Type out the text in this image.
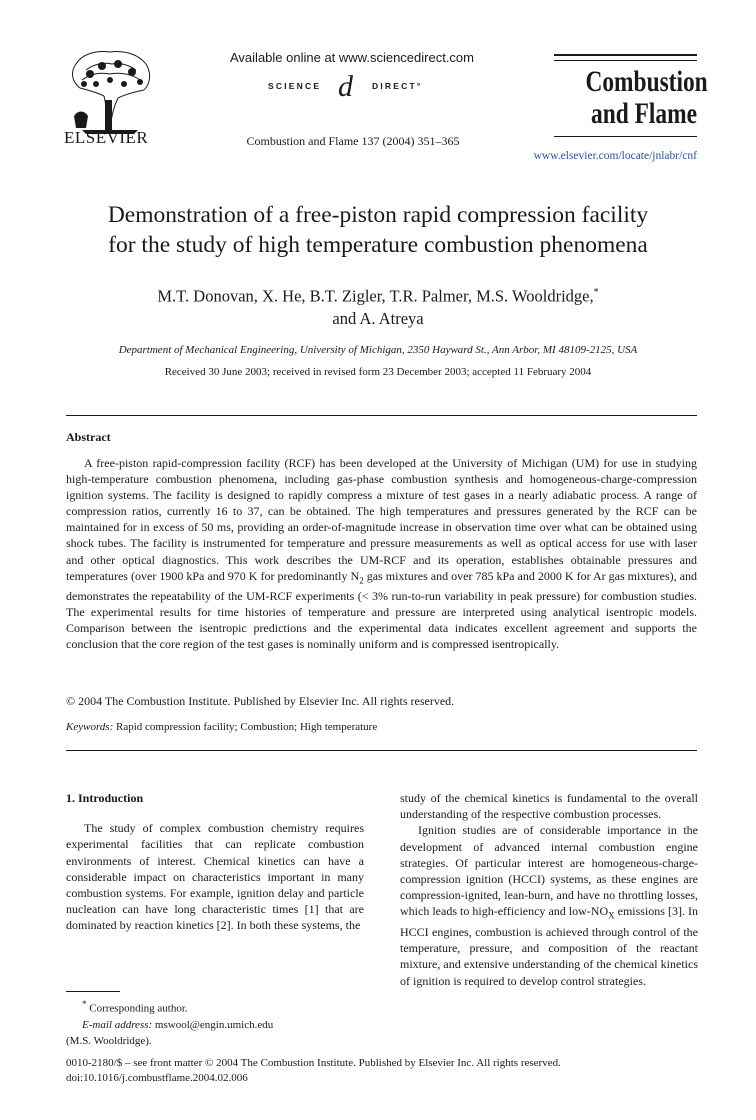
ELSEVIER
Available online at www.sciencedirect.com
SCIENCE d DIRECT°
Combustion and Flame 137 (2004) 351–365
Combustion
and Flame
www.elsevier.com/locate/jnlabr/cnf
Demonstration of a free-piston rapid compression facility
for the study of high temperature combustion phenomena
M.T. Donovan, X. He, B.T. Zigler, T.R. Palmer, M.S. Wooldridge,*
and A. Atreya
Department of Mechanical Engineering, University of Michigan, 2350 Hayward St., Ann Arbor, MI 48109-2125, USA
Received 30 June 2003; received in revised form 23 December 2003; accepted 11 February 2004
Abstract
A free-piston rapid-compression facility (RCF) has been developed at the University of Michigan (UM) for use in studying high-temperature combustion phenomena, including gas-phase combustion synthesis and homogeneous-charge-compression ignition systems. The facility is designed to rapidly compress a mixture of test gases in a nearly adiabatic process. A range of compression ratios, currently 16 to 37, can be obtained. The high temperatures and pressures generated by the RCF can be maintained for in excess of 50 ms, providing an order-of-magnitude increase in observation time over what can be obtained using shock tubes. The facility is instrumented for temperature and pressure measurements as well as optical access for use with laser and other optical diagnostics. This work describes the UM-RCF and its operation, establishes obtainable pressures and temperatures (over 1900 kPa and 970 K for predominantly $N_2$ gas mixtures and over 785 kPa and 2000 K for Ar gas mixtures), and demonstrates the repeatability of the UM-RCF experiments (< 3% run-to-run variability in peak pressure) for combustion studies. The experimental results for time histories of temperature and pressure are interpreted using analytical isentropic models. Comparison between the isentropic predictions and the experimental data indicates excellent agreement and supports the conclusion that the core region of the test gases is nominally uniform and is compressed isentropically.
© 2004 The Combustion Institute. Published by Elsevier Inc. All rights reserved.
Keywords: Rapid compression facility; Combustion; High temperature
1. Introduction

The study of complex combustion chemistry requires experimental facilities that can replicate combustion environments of interest. Chemical kinetics can have a considerable impact on characteristics important in many combustion systems. For example, ignition delay and particle nucleation can have long characteristic times [1] that are dominated by reaction kinetics [2]. In both these systems, the

study of the chemical kinetics is fundamental to the overall understanding of the respective combustion processes.

Ignition studies are of considerable importance in the development of advanced internal combustion engine strategies. Of particular interest are homogeneous-charge-compression ignition (HCCI) systems, as these engines are compression-ignited, lean-burn, and have no throttling losses, which leads to high-efficiency and low-$NO_X$ emissions [3]. In HCCI engines, combustion is achieved through control of the temperature, pressure, and composition of the reactant mixture, and extensive understanding of the chemical kinetics of ignition is required to develop control strategies.

* Corresponding author.
E-mail address: mswool@engin.umich.edu
(M.S. Wooldridge).
0010-2180/$ – see front matter © 2004 The Combustion Institute. Published by Elsevier Inc. All rights reserved.
doi:10.1016/j.combustflame.2004.02.006
